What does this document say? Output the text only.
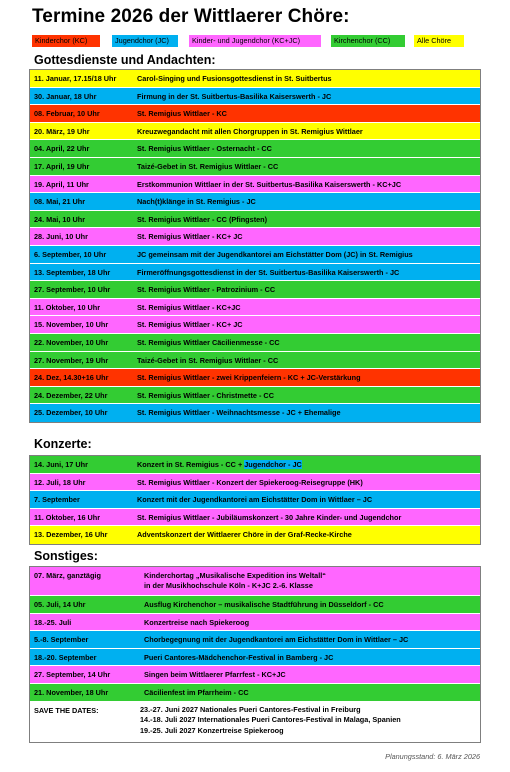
Termine 2026 der Wittlaerer Chöre:
Kinderchor (KC)	Jugendchor (JC)	Kinder- und Jugendchor (KC+JC)	Kirchenchor (CC)	Alle Chöre
Gottesdienste und Andachten:
11. Januar, 17.15/18 Uhr	Carol-Singing und Fusionsgottesdienst in St. Suitbertus
30. Januar, 18 Uhr	Firmung in der St. Suitbertus-Basilika Kaiserswerth - JC
08. Februar, 10 Uhr	St. Remigius Wittlaer - KC
20. März, 19 Uhr	Kreuzwegandacht mit allen Chorgruppen in St. Remigius Wittlaer
04. April, 22 Uhr	St. Remigius Wittlaer - Osternacht - CC
17. April, 19 Uhr	Taizé-Gebet in St. Remigius Wittlaer - CC
19. April, 11 Uhr	Erstkommunion Wittlaer in der St. Suitbertus-Basilika Kaiserswerth - KC+JC
08. Mai, 21 Uhr	Nach(t)klänge in St. Remigius - JC
24. Mai, 10 Uhr	St. Remigius Wittlaer - CC (Pfingsten)
28. Juni, 10 Uhr	St. Remigius Wittlaer - KC+ JC
6. September, 10 Uhr	JC gemeinsam mit der Jugendkantorei am Eichstätter Dom (JC) in St. Remigius
13. September, 18 Uhr	Firmeröffnungsgottesdienst in der St. Suitbertus-Basilika Kaiserswerth - JC
27. September, 10 Uhr	St. Remigius Wittlaer - Patrozinium - CC
11. Oktober, 10 Uhr	St. Remigius Wittlaer - KC+JC
15. November, 10 Uhr	St. Remigius Wittlaer - KC+ JC
22. November, 10 Uhr	St. Remigius Wittlaer Cäcilienmesse - CC
27. November, 19 Uhr	Taizé-Gebet in St. Remigius Wittlaer - CC
24. Dez, 14.30+16 Uhr	St. Remigius Wittlaer - zwei Krippenfeiern - KC + JC-Verstärkung
24. Dezember, 22 Uhr	St. Remigius Wittlaer - Christmette - CC
25. Dezember, 10 Uhr	St. Remigius Wittlaer - Weihnachtsmesse - JC + Ehemalige
Konzerte:
14. Juni, 17 Uhr	Konzert in St. Remigius - CC + Jugendchor - JC
12. Juli, 18 Uhr	St. Remigius Wittlaer - Konzert der Spiekeroog-Reisegruppe (HK)
7. September	Konzert mit der Jugendkantorei am Eichstätter Dom in Wittlaer – JC
11. Oktober, 16 Uhr	St. Remigius Wittlaer - Jubiläumskonzert - 30 Jahre Kinder- und Jugendchor
13. Dezember, 16 Uhr	Adventskonzert der Wittlaerer Chöre in der Graf-Recke-Kirche
Sonstiges:
07. März, ganztägig	Kinderchortag „Musikalische Expedition ins Weltall“
in der Musikhochschule Köln - K+JC 2.-6. Klasse
05. Juli, 14 Uhr	Ausflug Kirchenchor – musikalische Stadtführung in Düsseldorf - CC
18.-25. Juli	Konzertreise nach Spiekeroog
5.-8. September	Chorbegegnung mit der Jugendkantorei am Eichstätter Dom in Wittlaer – JC
18.-20. September	Pueri Cantores-Mädchenchor-Festival in Bamberg - JC
27. September, 14 Uhr	Singen beim Wittlaerer Pfarrfest - KC+JC
21. November, 18 Uhr	Cäcilienfest im Pfarrheim - CC
SAVE THE DATES:	23.-27. Juni 2027 Nationales Pueri Cantores-Festival in Freiburg
14.-18. Juli 2027 Internationales Pueri Cantores-Festival in Malaga, Spanien
19.-25. Juli 2027 Konzertreise Spiekeroog
Planungsstand: 6. März 2026
